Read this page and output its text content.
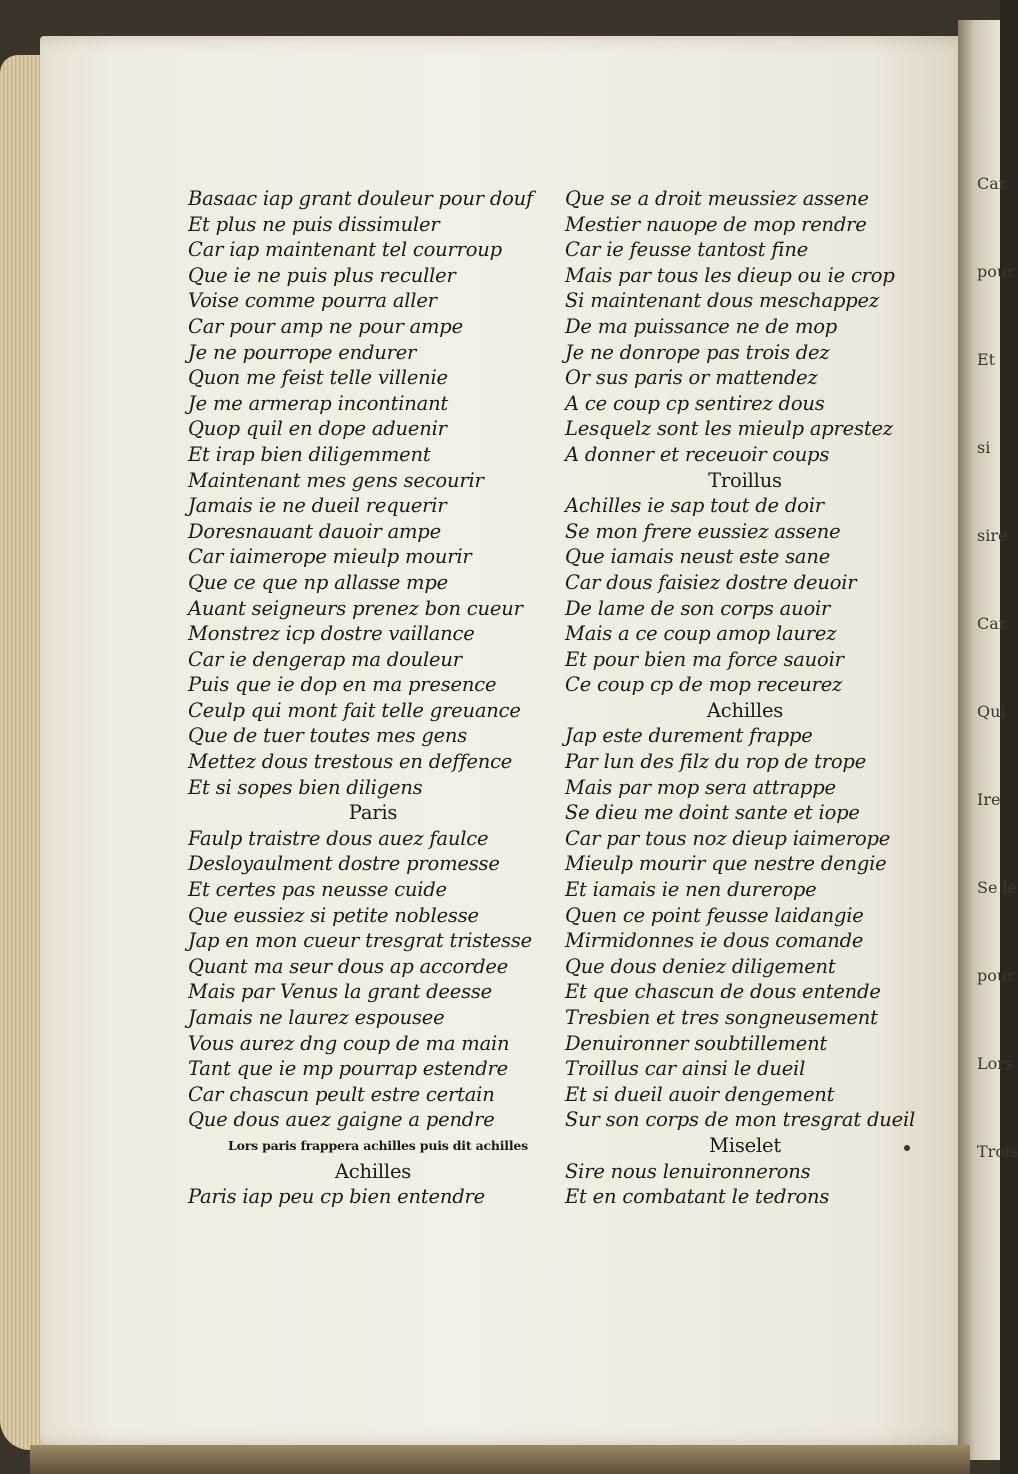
Car
pour
Et
si
sire
Car
Qui
Ire
Se le
pour
Lors
Trois
Basaac iap grant douleur pour douf
Et plus ne puis dissimuler
Car iap maintenant tel courroup
Que ie ne puis plus reculler
Voise comme pourra aller
Car pour amp ne pour ampe
Je ne pourrope endurer
Quon me feist telle villenie
Je me armerap incontinant
Quop quil en dope aduenir
Et irap bien diligemment
Maintenant mes gens secourir
Jamais ie ne dueil requerir
Doresnauant dauoir ampe
Car iaimerope mieulp mourir
Que ce que np allasse mpe
Auant seigneurs prenez bon cueur
Monstrez icp dostre vaillance
Car ie dengerap ma douleur
Puis que ie dop en ma presence
Ceulp qui mont fait telle greuance
Que de tuer toutes mes gens
Mettez dous trestous en deffence
Et si sopes bien diligens
Paris
Faulp traistre dous auez faulce
Desloyaulment dostre promesse
Et certes pas neusse cuide
Que eussiez si petite noblesse
Jap en mon cueur tresgrat tristesse
Quant ma seur dous ap accordee
Mais par Venus la grant deesse
Jamais ne laurez espousee
Vous aurez dng coup de ma main
Tant que ie mp pourrap estendre
Car chascun peult estre certain
Que dous auez gaigne a pendre
Lors paris frappera achilles puis dit achilles
Achilles
Paris iap peu cp bien entendre
Que se a droit meussiez assene
Mestier nauope de mop rendre
Car ie feusse tantost fine
Mais par tous les dieup ou ie crop
Si maintenant dous meschappez
De ma puissance ne de mop
Je ne donrope pas trois dez
Or sus paris or mattendez
A ce coup cp sentirez dous
Lesquelz sont les mieulp aprestez
A donner et receuoir coups
Troillus
Achilles ie sap tout de doir
Se mon frere eussiez assene
Que iamais neust este sane
Car dous faisiez dostre deuoir
De lame de son corps auoir
Mais a ce coup amop laurez
Et pour bien ma force sauoir
Ce coup cp de mop receurez
Achilles
Jap este durement frappe
Par lun des filz du rop de trope
Mais par mop sera attrappe
Se dieu me doint sante et iope
Car par tous noz dieup iaimerope
Mieulp mourir que nestre dengie
Et iamais ie nen durerope
Quen ce point feusse laidangie
Mirmidonnes ie dous comande
Que dous deniez diligement
Et que chascun de dous entende
Tresbien et tres songneusement
Denuironner soubtillement
Troillus car ainsi le dueil
Et si dueil auoir dengement
Sur son corps de mon tresgrat dueil
Miselet
Sire nous lenuironnerons
Et en combatant le tedrons
